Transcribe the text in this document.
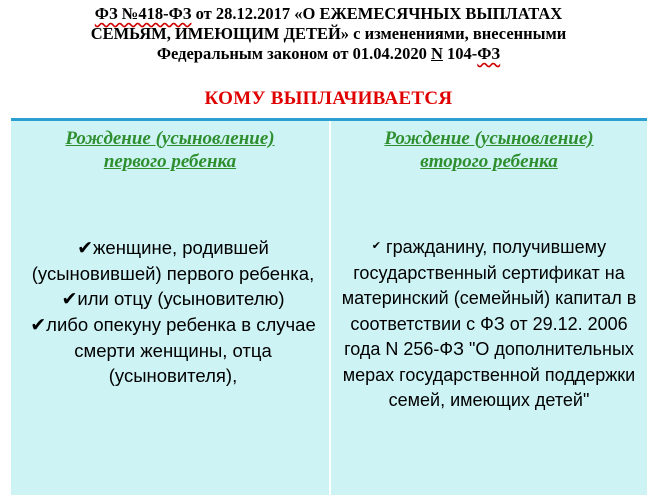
ФЗ №418-ФЗ от 28.12.2017 «О ЕЖЕМЕСЯЧНЫХ ВЫПЛАТАХ
СЕМЬЯМ, ИМЕЮЩИМ ДЕТЕЙ» с изменениями, внесенными
Федеральным законом от 01.04.2020 N 104-ФЗ
КОМУ ВЫПЛАЧИВАЕТСЯ
Рождение (усыновление)
первого ребенка
✔женщине, родившей (усыновившей) первого ребенка,
✔или отцу (усыновителю)
✔либо опекуну ребенка в случае смерти женщины, отца (усыновителя),
Рождение (усыновление)
второго ребенка
✔ гражданину, получившему государственный сертификат на материнский (семейный) капитал в соответствии с ФЗ от 29.12. 2006 года N 256-ФЗ "О дополнительных мерах государственной поддержки семей, имеющих детей"
